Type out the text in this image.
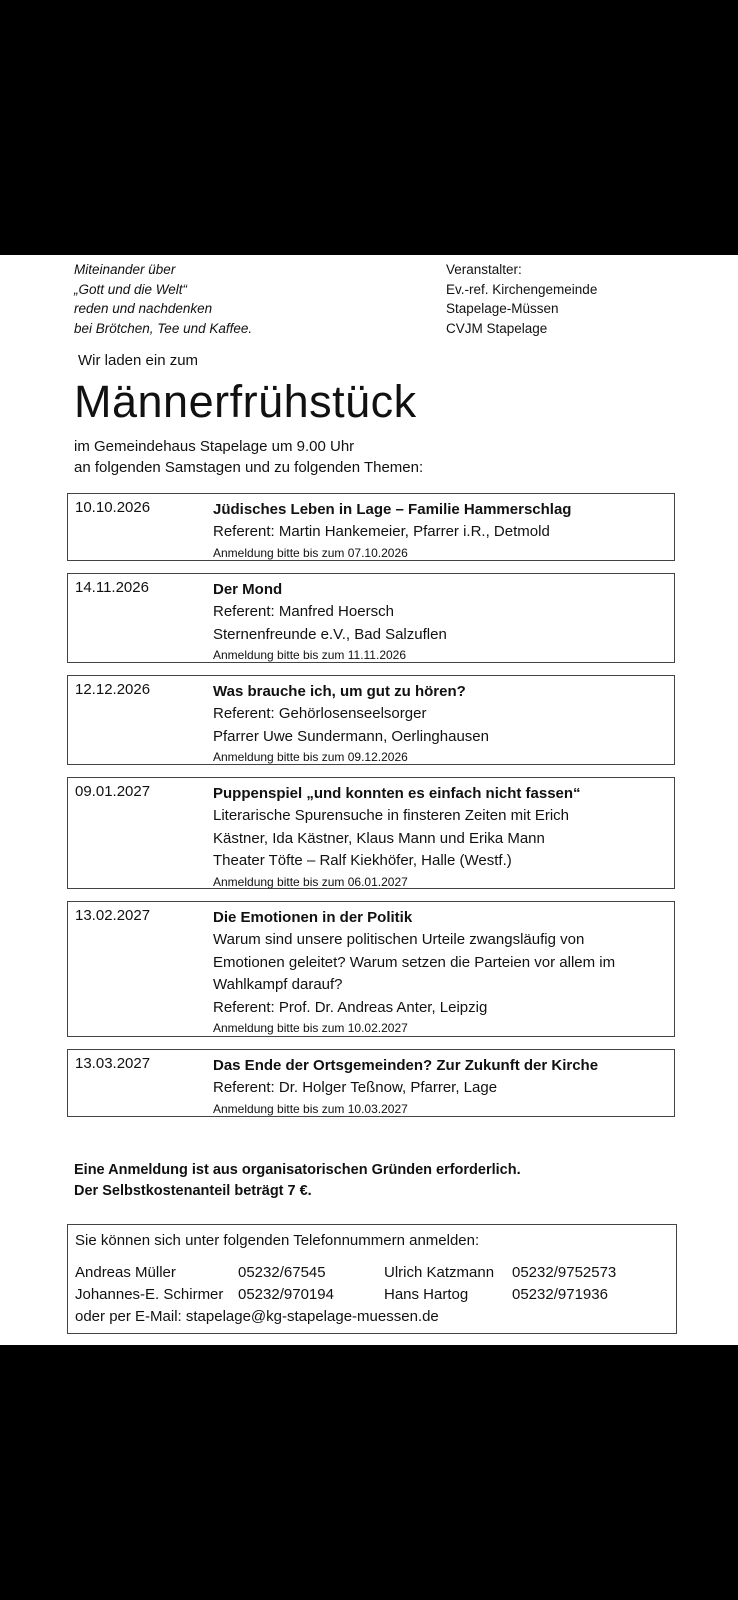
Miteinander über
„Gott und die Welt“
reden und nachdenken
bei Brötchen, Tee und Kaffee.
Veranstalter:
Ev.-ref. Kirchengemeinde
Stapelage-Müssen
CVJM Stapelage
Wir laden ein zum
Männerfrühstück
im Gemeindehaus Stapelage um 9.00 Uhr
an folgenden Samstagen und zu folgenden Themen:
10.10.2026	Jüdisches Leben in Lage – Familie Hammerschlag
Referent: Martin Hankemeier, Pfarrer i.R., Detmold
Anmeldung bitte bis zum 07.10.2026
14.11.2026	Der Mond
Referent: Manfred Hoersch
Sternenfreunde e.V., Bad Salzuflen
Anmeldung bitte bis zum 11.11.2026
12.12.2026	Was brauche ich, um gut zu hören?
Referent: Gehörlosenseelsorger
Pfarrer Uwe Sundermann, Oerlinghausen
Anmeldung bitte bis zum 09.12.2026
09.01.2027	Puppenspiel „und konnten es einfach nicht fassen“
Literarische Spurensuche in finsteren Zeiten mit Erich
Kästner, Ida Kästner, Klaus Mann und Erika Mann
Theater Töfte – Ralf Kiekhöfer, Halle (Westf.)
Anmeldung bitte bis zum 06.01.2027
13.02.2027	Die Emotionen in der Politik
Warum sind unsere politischen Urteile zwangsläufig von
Emotionen geleitet? Warum setzen die Parteien vor allem im
Wahlkampf darauf?
Referent: Prof. Dr. Andreas Anter, Leipzig
Anmeldung bitte bis zum 10.02.2027
13.03.2027	Das Ende der Ortsgemeinden? Zur Zukunft der Kirche
Referent: Dr. Holger Teßnow, Pfarrer, Lage
Anmeldung bitte bis zum 10.03.2027
Eine Anmeldung ist aus organisatorischen Gründen erforderlich.
Der Selbstkostenanteil beträgt 7 €.
Sie können sich unter folgenden Telefonnummern anmelden:
Andreas Müller	05232/67545	Ulrich Katzmann 05232/9752573
Johannes-E. Schirmer 05232/970194	Hans Hartog	05232/971936
oder per E-Mail: stapelage@kg-stapelage-muessen.de
